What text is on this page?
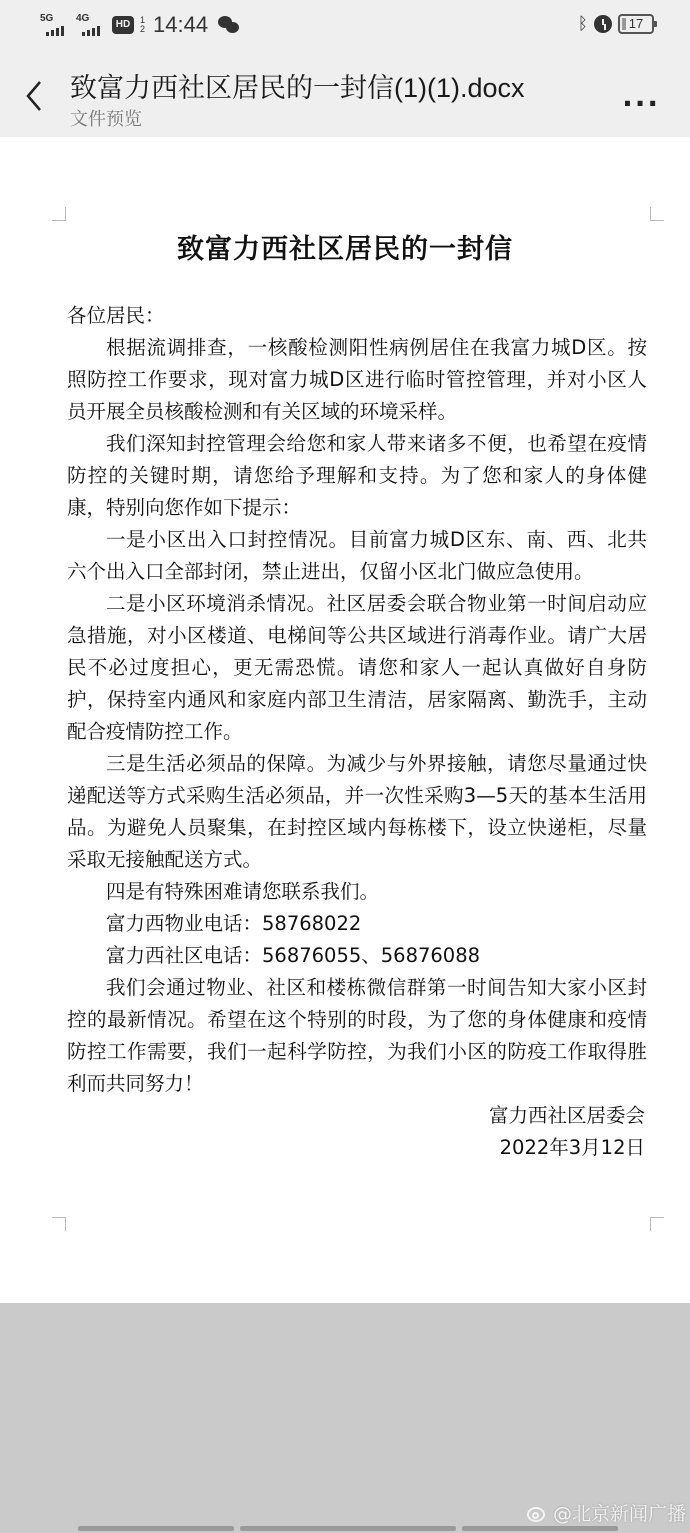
5G 4G
HD	1
2 14:44	ᛒ	17
致富力西社区居民的一封信(1)(1).docx
文件预览
...
致富力西社区居民的一封信

各位居民：

根据流调排查，一核酸检测阳性病例居住在我富力城D区。按照防控工作要求，现对富力城D区进行临时管控管理，并对小区人员开展全员核酸检测和有关区域的环境采样。

我们深知封控管理会给您和家人带来诸多不便，也希望在疫情防控的关键时期，请您给予理解和支持。为了您和家人的身体健康，特别向您作如下提示：

一是小区出入口封控情况。目前富力城D区东、南、西、北共六个出入口全部封闭，禁止进出，仅留小区北门做应急使用。

二是小区环境消杀情况。社区居委会联合物业第一时间启动应急措施，对小区楼道、电梯间等公共区域进行消毒作业。请广大居民不必过度担心，更无需恐慌。请您和家人一起认真做好自身防护，保持室内通风和家庭内部卫生清洁，居家隔离、勤洗手，主动配合疫情防控工作。

三是生活必须品的保障。为减少与外界接触，请您尽量通过快递配送等方式采购生活必须品，并一次性采购3—5天的基本生活用品。为避免人员聚集，在封控区域内每栋楼下，设立快递柜，尽量采取无接触配送方式。

四是有特殊困难请您联系我们。

富力西物业电话：58768022

富力西社区电话：56876055、56876088

我们会通过物业、社区和楼栋微信群第一时间告知大家小区封控的最新情况。希望在这个特别的时段，为了您的身体健康和疫情防控工作需要，我们一起科学防控，为我们小区的防疫工作取得胜利而共同努力！

富力西社区居委会

2022年3月12日

@北京新闻广播
